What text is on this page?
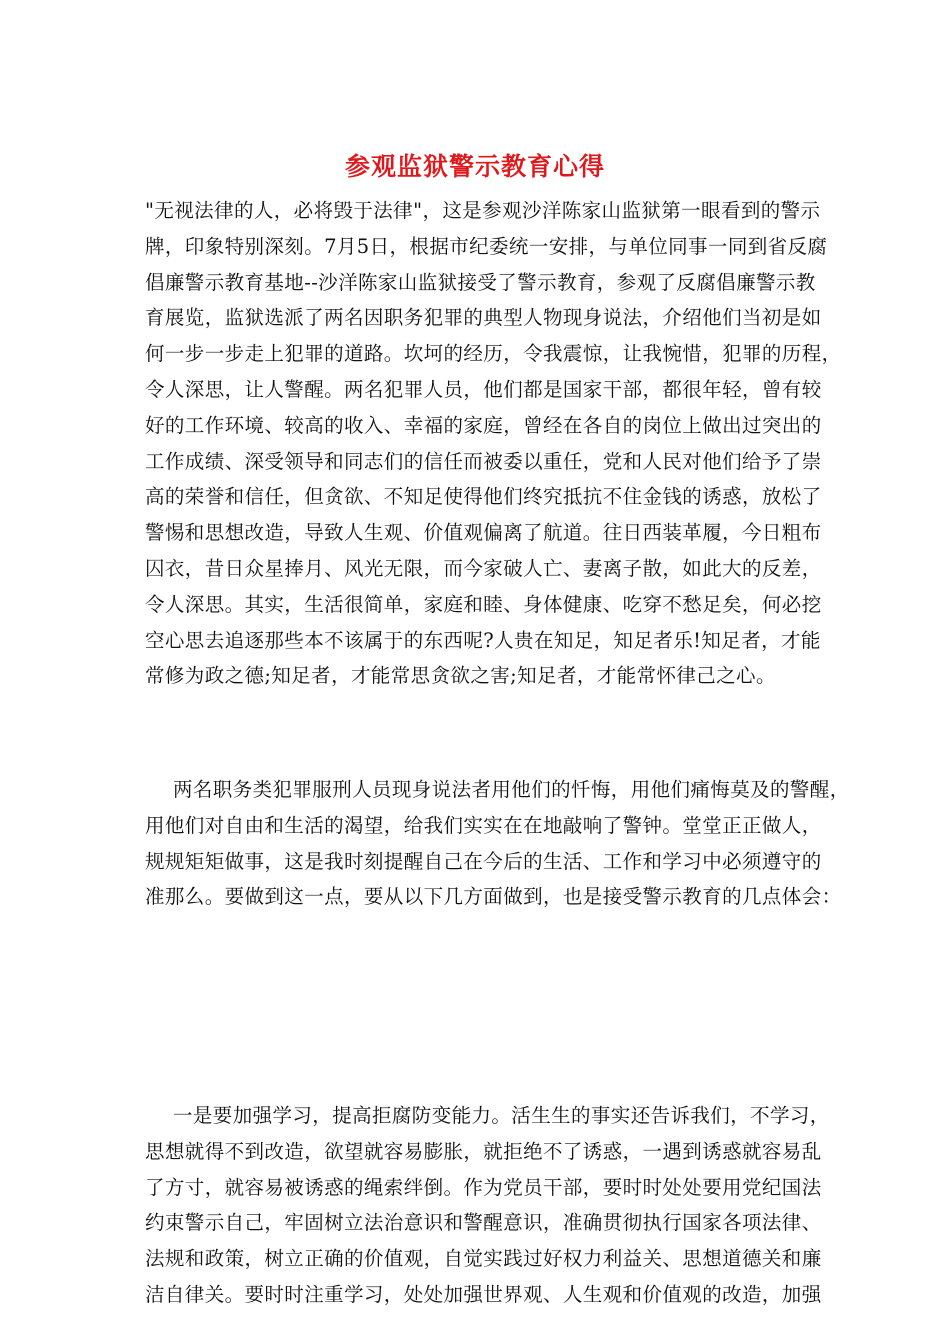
参观监狱警示教育心得
"无视法律的人，必将毁于法律"，这是参观沙洋陈家山监狱第一眼看到的警示
牌，印象特别深刻。7月5日，根据市纪委统一安排，与单位同事一同到省反腐
倡廉警示教育基地--沙洋陈家山监狱接受了警示教育，参观了反腐倡廉警示教
育展览，监狱选派了两名因职务犯罪的典型人物现身说法，介绍他们当初是如
何一步一步走上犯罪的道路。坎坷的经历，令我震惊，让我惋惜，犯罪的历程，
令人深思，让人警醒。两名犯罪人员，他们都是国家干部，都很年轻，曾有较
好的工作环境、较高的收入、幸福的家庭，曾经在各自的岗位上做出过突出的
工作成绩、深受领导和同志们的信任而被委以重任，党和人民对他们给予了崇
高的荣誉和信任，但贪欲、不知足使得他们终究抵抗不住金钱的诱惑，放松了
警惕和思想改造，导致人生观、价值观偏离了航道。往日西装革履，今日粗布
囚衣，昔日众星捧月、风光无限，而今家破人亡、妻离子散，如此大的反差，
令人深思。其实，生活很简单，家庭和睦、身体健康、吃穿不愁足矣，何必挖
空心思去追逐那些本不该属于的东西呢?人贵在知足，知足者乐!知足者，才能
常修为政之德;知足者，才能常思贪欲之害;知足者，才能常怀律己之心。
两名职务类犯罪服刑人员现身说法者用他们的忏悔，用他们痛悔莫及的警醒，
用他们对自由和生活的渴望，给我们实实在在地敲响了警钟。堂堂正正做人，
规规矩矩做事，这是我时刻提醒自己在今后的生活、工作和学习中必须遵守的
准那么。要做到这一点，要从以下几方面做到，也是接受警示教育的几点体会：
一是要加强学习，提高拒腐防变能力。活生生的事实还告诉我们，不学习，
思想就得不到改造，欲望就容易膨胀，就拒绝不了诱惑，一遇到诱惑就容易乱
了方寸，就容易被诱惑的绳索绊倒。作为党员干部，要时时处处要用党纪国法
约束警示自己，牢固树立法治意识和警醒意识，准确贯彻执行国家各项法律、
法规和政策，树立正确的价值观，自觉实践过好权力利益关、思想道德关和廉
洁自律关。要时时注重学习，处处加强世界观、人生观和价值观的改造，加强
